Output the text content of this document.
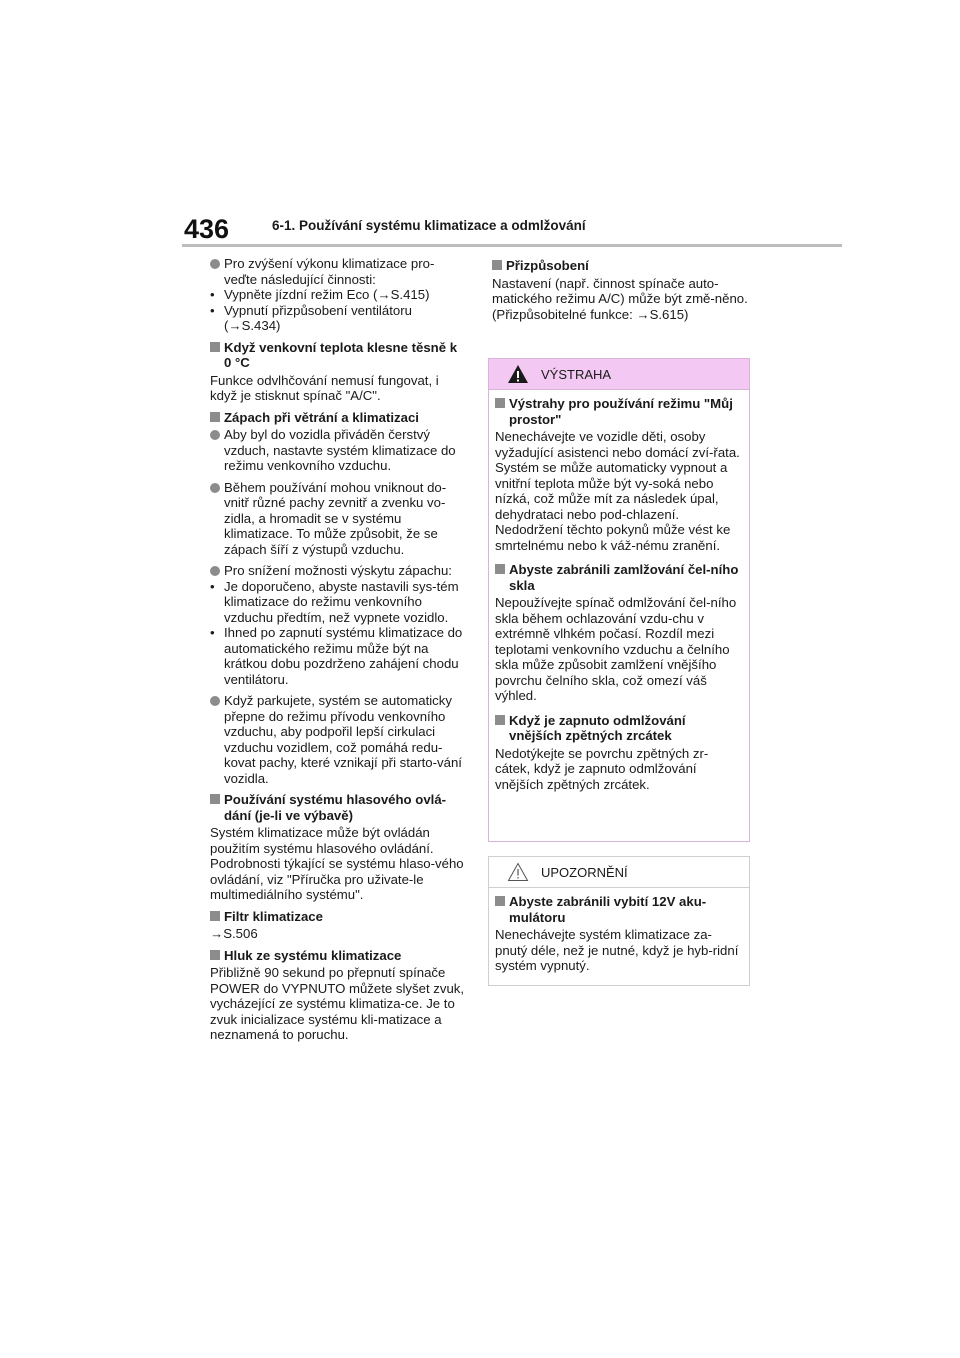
436	6-1. Používání systému klimatizace a odmlžování
Pro zvýšení výkonu klimatizace pro-veďte následující činnosti:
• Vypněte jízdní režim Eco (→S.415)
• Vypnutí přizpůsobení ventilátoru (→S.434)
Když venkovní teplota klesne těsně k 0 °C
Funkce odvlhčování nemusí fungovat, i když je stisknut spínač "A/C".
Zápach při větrání a klimatizaci
Aby byl do vozidla přiváděn čerstvý vzduch, nastavte systém klimatizace do režimu venkovního vzduchu.
Během používání mohou vniknout do-vnitř různé pachy zevnitř a zvenku vo-zidla, a hromadit se v systému klimatizace. To může způsobit, že se zápach šíří z výstupů vzduchu.
Pro snížení možnosti výskytu zápachu:
• Je doporučeno, abyste nastavili sys-tém klimatizace do režimu venkovního vzduchu předtím, než vypnete vozidlo.
• Ihned po zapnutí systému klimatizace do automatického režimu může být na krátkou dobu pozdrženo zahájení chodu ventilátoru.
Když parkujete, systém se automaticky přepne do režimu přívodu venkovního vzduchu, aby podpořil lepší cirkulaci vzduchu vozidlem, což pomáhá redu-kovat pachy, které vznikají při starto-vání vozidla.
Používání systému hlasového ovlá-dání (je-li ve výbavě)
Systém klimatizace může být ovládán použitím systému hlasového ovládání. Podrobnosti týkající se systému hlaso-vého ovládání, viz "Příručka pro uživate-le multimediálního systému".
Filtr klimatizace
→S.506
Hluk ze systému klimatizace
Přibližně 90 sekund po přepnutí spínače POWER do VYPNUTO můžete slyšet zvuk, vycházející ze systému klimatiza-ce. Je to zvuk inicializace systému kli-matizace a neznamená to poruchu.
Přizpůsobení
Nastavení (např. činnost spínače auto-matického režimu A/C) může být změ-něno.
(Přizpůsobitelné funkce: →S.615)
VÝSTRAHA
Výstrahy pro používání režimu "Můj prostor"
Nenechávejte ve vozidle děti, osoby vyžadující asistenci nebo domácí zví-řata. Systém se může automaticky vypnout a vnitřní teplota může být vy-soká nebo nízká, což může mít za následek úpal, dehydrataci nebo pod-chlazení. Nedodržení těchto pokynů může vést ke smrtelnému nebo k váž-nému zranění.
Abyste zabránili zamlžování čel-ního skla
Nepoužívejte spínač odmlžování čel-ního skla během ochlazování vzdu-chu v extrémně vlhkém počasí. Rozdíl mezi teplotami venkovního vzduchu a čelního skla může způsobit zamlžení vnějšího povrchu čelního skla, což omezí váš výhled.
Když je zapnuto odmlžování vnějších zpětných zrcátek
Nedotýkejte se povrchu zpětných zr-cátek, když je zapnuto odmlžování vnějších zpětných zrcátek.
UPOZORNĚNÍ
Abyste zabránili vybití 12V aku-mulátoru
Nenechávejte systém klimatizace za-pnutý déle, než je nutné, když je hyb-ridní systém vypnutý.
